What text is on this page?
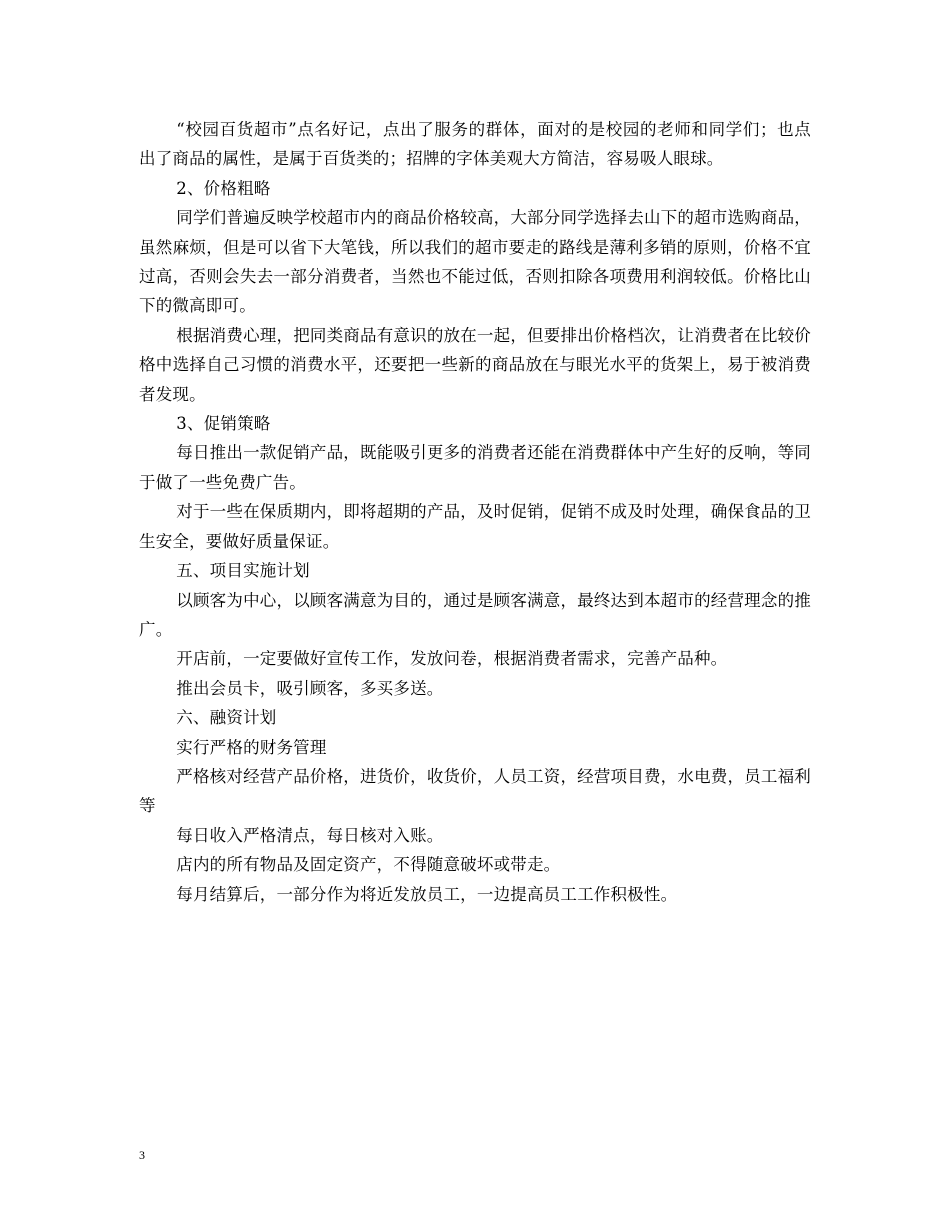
“校园百货超市”点名好记，点出了服务的群体，面对的是校园的老师和同学们；也点出了商品的属性，是属于百货类的；招牌的字体美观大方简洁，容易吸人眼球。

2、价格粗略

同学们普遍反映学校超市内的商品价格较高，大部分同学选择去山下的超市选购商品，虽然麻烦，但是可以省下大笔钱，所以我们的超市要走的路线是薄利多销的原则，价格不宜过高，否则会失去一部分消费者，当然也不能过低，否则扣除各项费用利润较低。价格比山下的微高即可。

根据消费心理，把同类商品有意识的放在一起，但要排出价格档次，让消费者在比较价格中选择自己习惯的消费水平，还要把一些新的商品放在与眼光水平的货架上，易于被消费者发现。

3、促销策略

每日推出一款促销产品，既能吸引更多的消费者还能在消费群体中产生好的反响，等同于做了一些免费广告。

对于一些在保质期内，即将超期的产品，及时促销，促销不成及时处理，确保食品的卫生安全，要做好质量保证。

五、项目实施计划

以顾客为中心，以顾客满意为目的，通过是顾客满意，最终达到本超市的经营理念的推广。

开店前，一定要做好宣传工作，发放问卷，根据消费者需求，完善产品种。

推出会员卡，吸引顾客，多买多送。

六、融资计划

实行严格的财务管理

严格核对经营产品价格，进货价，收货价，人员工资，经营项目费，水电费，员工福利等

每日收入严格清点，每日核对入账。

店内的所有物品及固定资产，不得随意破坏或带走。

每月结算后，一部分作为将近发放员工，一边提高员工工作积极性。

3
